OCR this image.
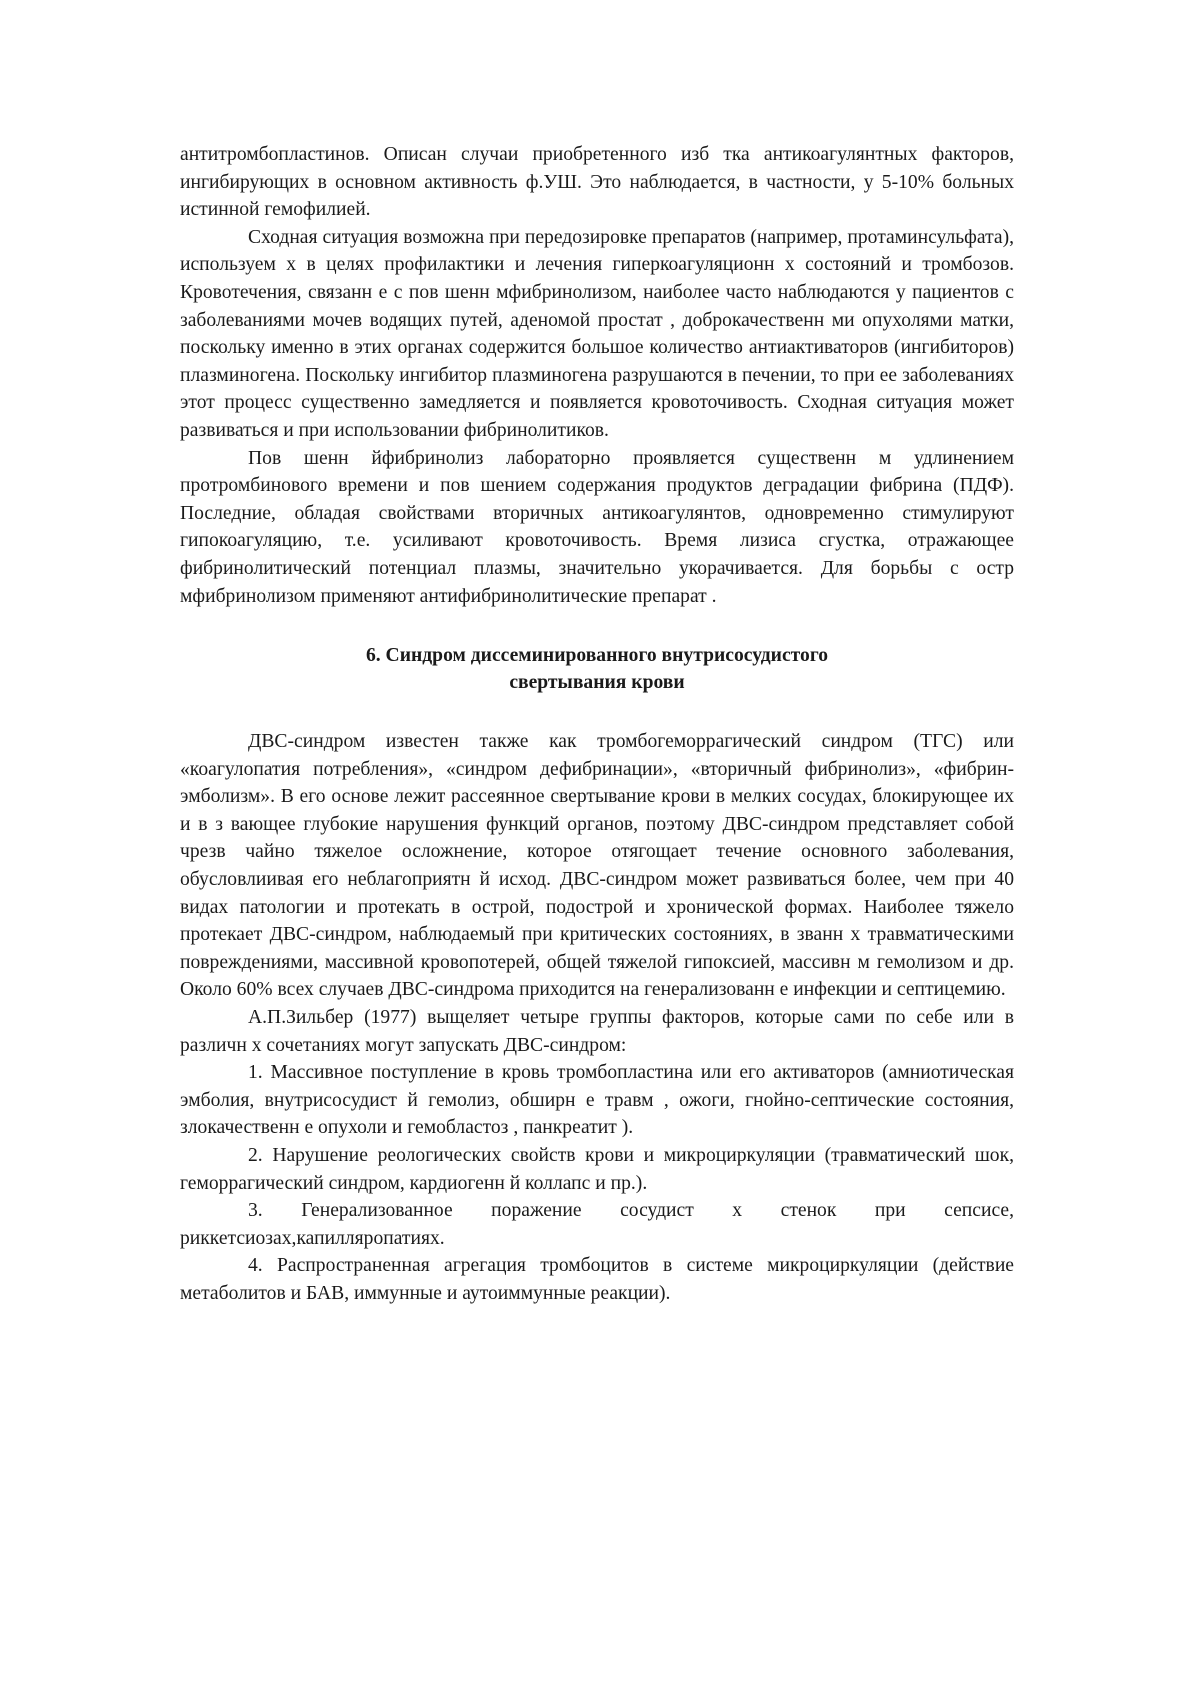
антитромбопластинов. Описан случаи приобретенного изб тка антикоагулянтных факторов, ингибирующих в основном активность ф.УШ. Это наблюдается, в частности, у 5-10% больных истинной гемофилией.

Сходная ситуация возможна при передозировке препаратов (например, протаминсульфата), используем х в целях профилактики и лечения гиперкоагуляционн х состояний и тромбозов. Кровотечения, связанн е с пов шенн мфибринолизом, наиболее часто наблюдаются у пациентов с заболеваниями мочев водящих путей, аденомой простат , доброкачественн ми опухолями матки, поскольку именно в этих органах содержится большое количество антиактиваторов (ингибиторов) плазминогена. Поскольку ингибитор плазминогена разрушаются в печении, то при ее заболеваниях этот процесс существенно замедляется и появляется кровоточивость. Сходная ситуация может развиваться и при использовании фибринолитиков.

Пов шенн йфибринолиз лабораторно проявляется существенн м удлинением протромбинового времени и пов шением содержания продуктов деградации фибрина (ПДФ). Последние, обладая свойствами вторичных антикоагулянтов, одновременно стимулируют гипокоагуляцию, т.е. усиливают кровоточивость. Время лизиса сгустка, отражающее фибринолитический потенциал плазмы, значительно укорачивается. Для борьбы с остр мфибринолизом применяют антифибринолитические препарат .

6. Синдром диссеминированного внутрисосудистого
свертывания крови

ДВС-синдром известен также как тромбогеморрагический синдром (ТГС) или «коагулопатия потребления», «синдром дефибринации», «вторичный фибринолиз», «фибрин-эмболизм». В его основе лежит рассеянное свертывание крови в мелких сосудах, блокирующее их и в з вающее глубокие нарушения функций органов, поэтому ДВС-синдром представляет собой чрезв чайно тяжелое осложнение, которое отягощает течение основного заболевания, обусловлиивая его неблагоприятн й исход. ДВС-синдром может развиваться более, чем при 40 видах патологии и протекать в острой, подострой и хронической формах. Наиболее тяжело протекает ДВС-синдром, наблюдаемый при критических состояниях, в званн х травматическими повреждениями, массивной кровопотерей, общей тяжелой гипоксией, массивн м гемолизом и др. Около 60% всех случаев ДВС-синдрома приходится на генерализованн е инфекции и септицемию.

А.П.Зильбер (1977) выщеляет четыре группы факторов, которые сами по себе или в различн х сочетаниях могут запускать ДВС-синдром:

1. Массивное поступление в кровь тромбопластина или его активаторов (амниотическая эмболия, внутрисосудист й гемолиз, обширн е травм , ожоги, гнойно-септические состояния, злокачественн е опухоли и гемобластоз , панкреатит ).

2. Нарушение реологических свойств крови и микроциркуляции (травматический шок, геморрагический синдром, кардиогенн й коллапс и пр.).

3. Генерализованное поражение сосудист х стенок при сепсисе, риккетсиозах,капилляропатиях.

4. Распространенная агрегация тромбоцитов в системе микроциркуляции (действие метаболитов и БАВ, иммунные и аутоиммунные реакции).
